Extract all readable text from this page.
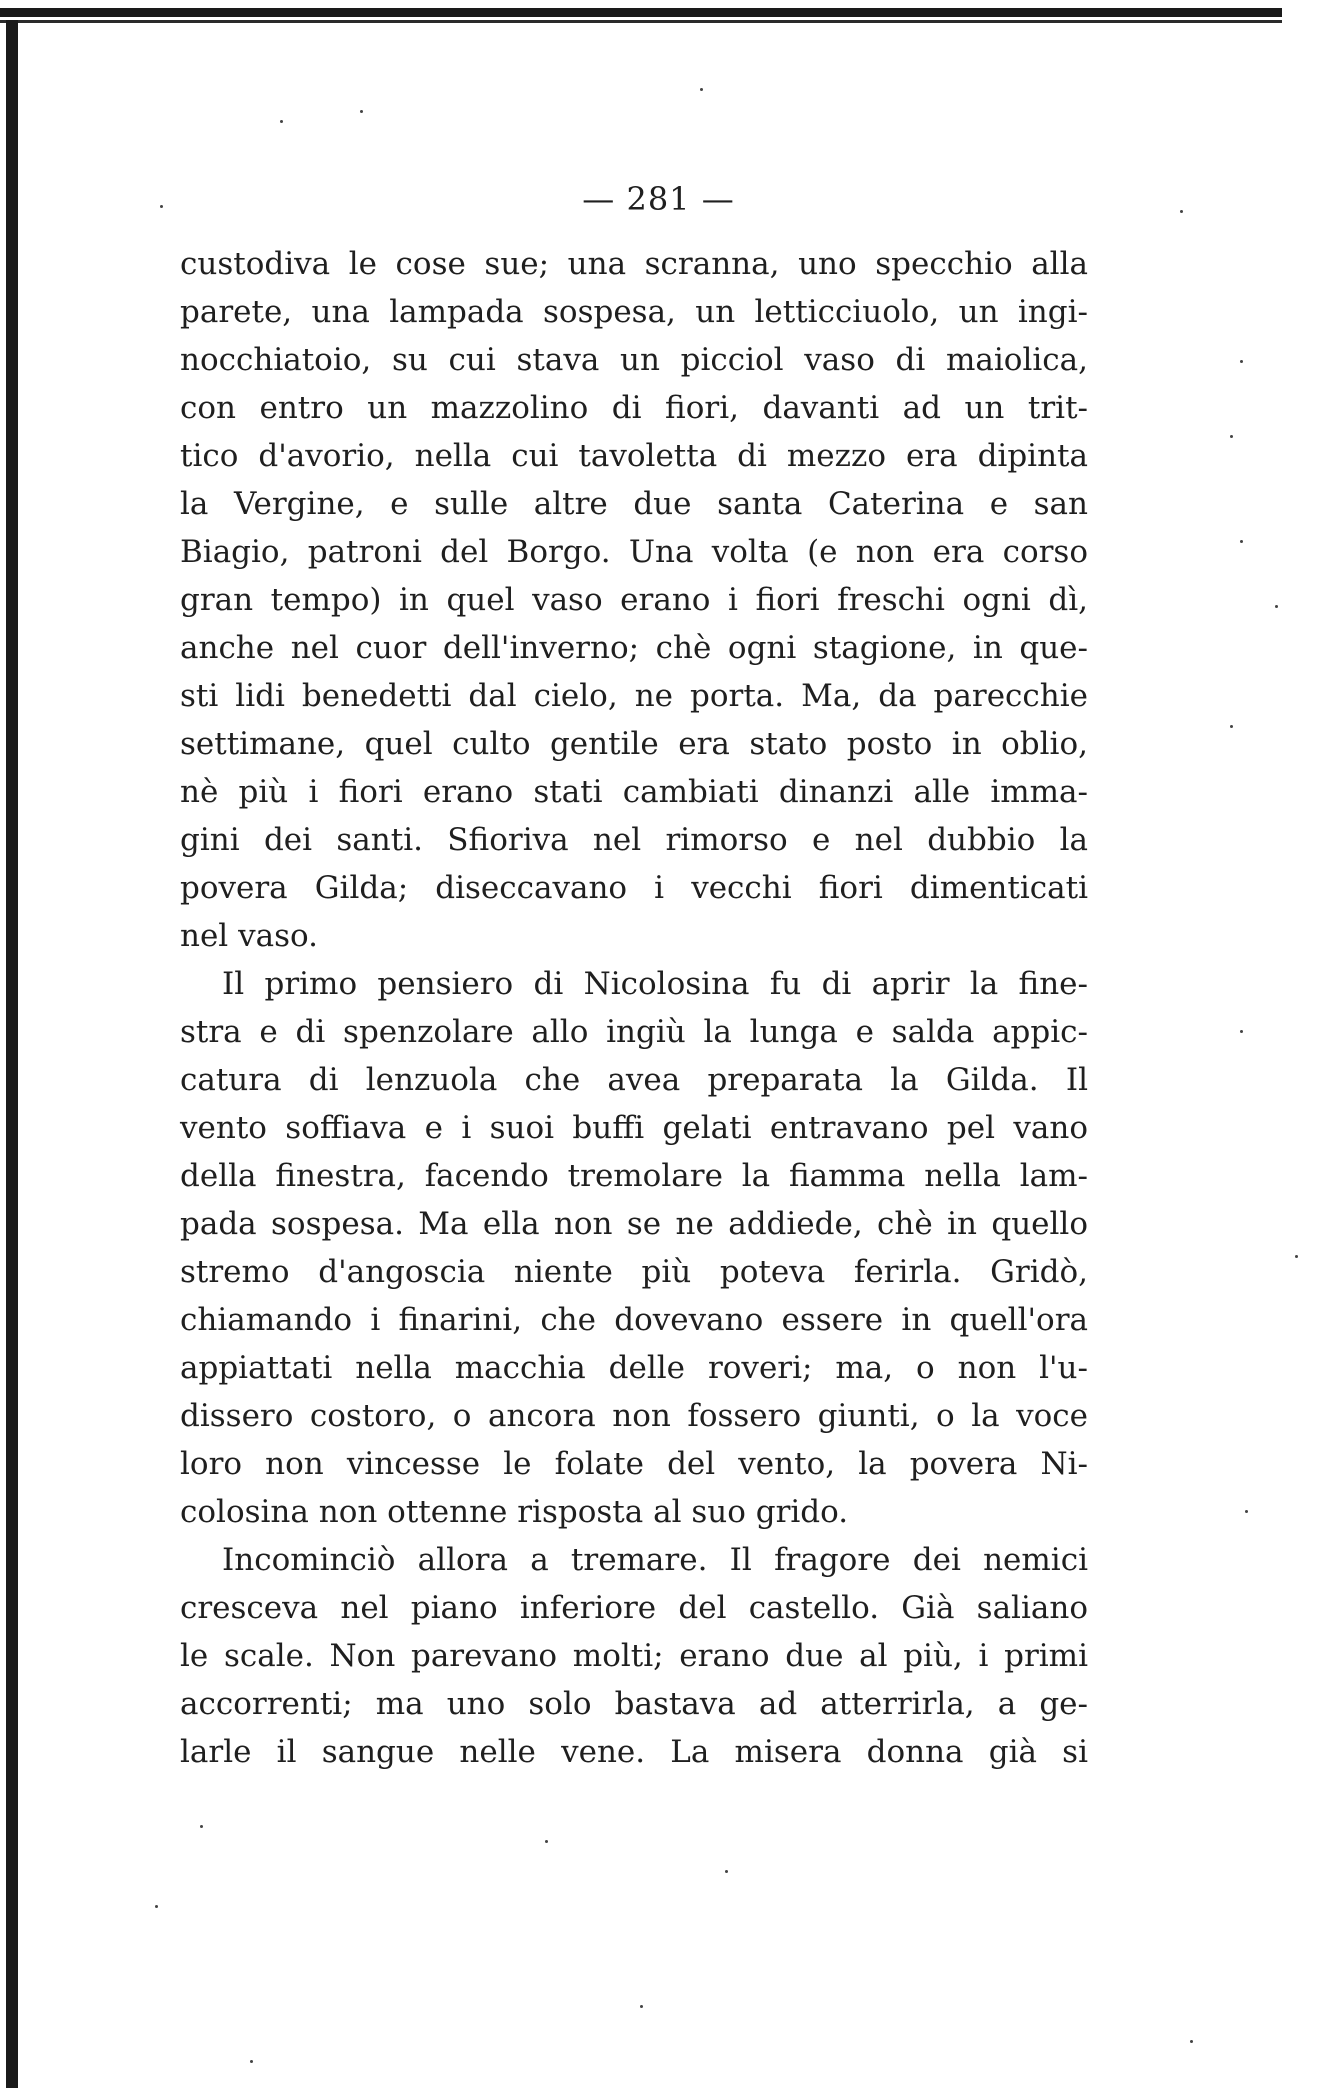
— 281 —
custodiva le cose sue; una scranna, uno specchio alla
parete, una lampada sospesa, un letticciuolo, un ingi-
nocchiatoio, su cui stava un picciol vaso di maiolica,
con entro un mazzolino di fiori, davanti ad un trit-
tico d'avorio, nella cui tavoletta di mezzo era dipinta
la Vergine, e sulle altre due santa Caterina e san
Biagio, patroni del Borgo. Una volta (e non era corso
gran tempo) in quel vaso erano i fiori freschi ogni dì,
anche nel cuor dell'inverno; chè ogni stagione, in que-
sti lidi benedetti dal cielo, ne porta. Ma, da parecchie
settimane, quel culto gentile era stato posto in oblio,
nè più i fiori erano stati cambiati dinanzi alle imma-
gini dei santi. Sfioriva nel rimorso e nel dubbio la
povera Gilda; diseccavano i vecchi fiori dimenticati
nel vaso.
Il primo pensiero di Nicolosina fu di aprir la fine-
stra e di spenzolare allo ingiù la lunga e salda appic-
catura di lenzuola che avea preparata la Gilda. Il
vento soffiava e i suoi buffi gelati entravano pel vano
della finestra, facendo tremolare la fiamma nella lam-
pada sospesa. Ma ella non se ne addiede, chè in quello
stremo d'angoscia niente più poteva ferirla. Gridò,
chiamando i finarini, che dovevano essere in quell'ora
appiattati nella macchia delle roveri; ma, o non l'u-
dissero costoro, o ancora non fossero giunti, o la voce
loro non vincesse le folate del vento, la povera Ni-
colosina non ottenne risposta al suo grido.
Incominciò allora a tremare. Il fragore dei nemici
cresceva nel piano inferiore del castello. Già saliano
le scale. Non parevano molti; erano due al più, i primi
accorrenti; ma uno solo bastava ad atterrirla, a ge-
larle il sangue nelle vene. La misera donna già si
